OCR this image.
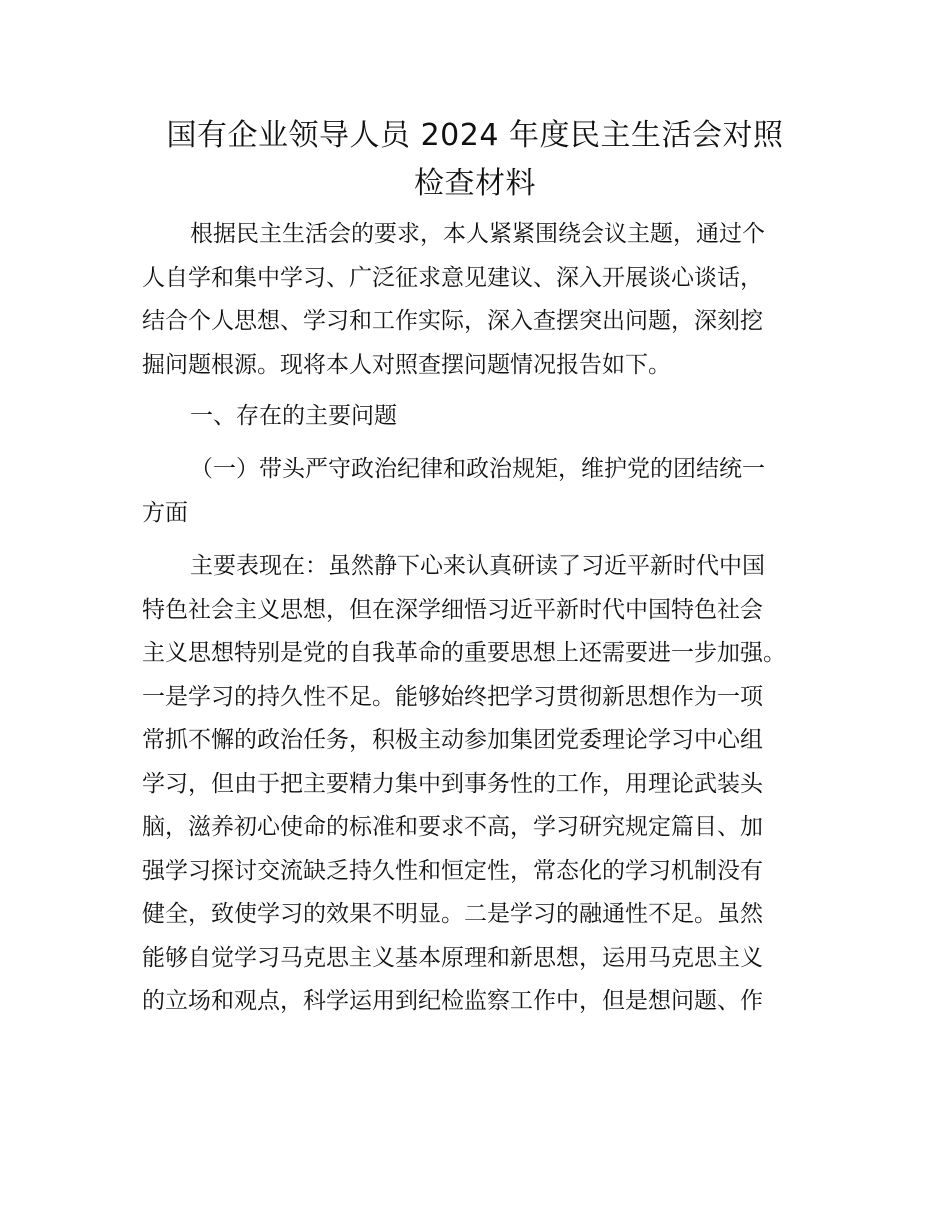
国有企业领导人员 2024 年度民主生活会对照
检查材料
根据民主生活会的要求，本人紧紧围绕会议主题，通过个
人自学和集中学习、广泛征求意见建议、深入开展谈心谈话，
结合个人思想、学习和工作实际，深入查摆突出问题，深刻挖
掘问题根源。现将本人对照查摆问题情况报告如下。
一、存在的主要问题
（一）带头严守政治纪律和政治规矩，维护党的团结统一
方面
主要表现在：虽然静下心来认真研读了习近平新时代中国
特色社会主义思想，但在深学细悟习近平新时代中国特色社会
主义思想特别是党的自我革命的重要思想上还需要进一步加强。
一是学习的持久性不足。能够始终把学习贯彻新思想作为一项
常抓不懈的政治任务，积极主动参加集团党委理论学习中心组
学习，但由于把主要精力集中到事务性的工作，用理论武装头
脑，滋养初心使命的标准和要求不高，学习研究规定篇目、加
强学习探讨交流缺乏持久性和恒定性，常态化的学习机制没有
健全，致使学习的效果不明显。二是学习的融通性不足。虽然
能够自觉学习马克思主义基本原理和新思想，运用马克思主义
的立场和观点，科学运用到纪检监察工作中，但是想问题、作
